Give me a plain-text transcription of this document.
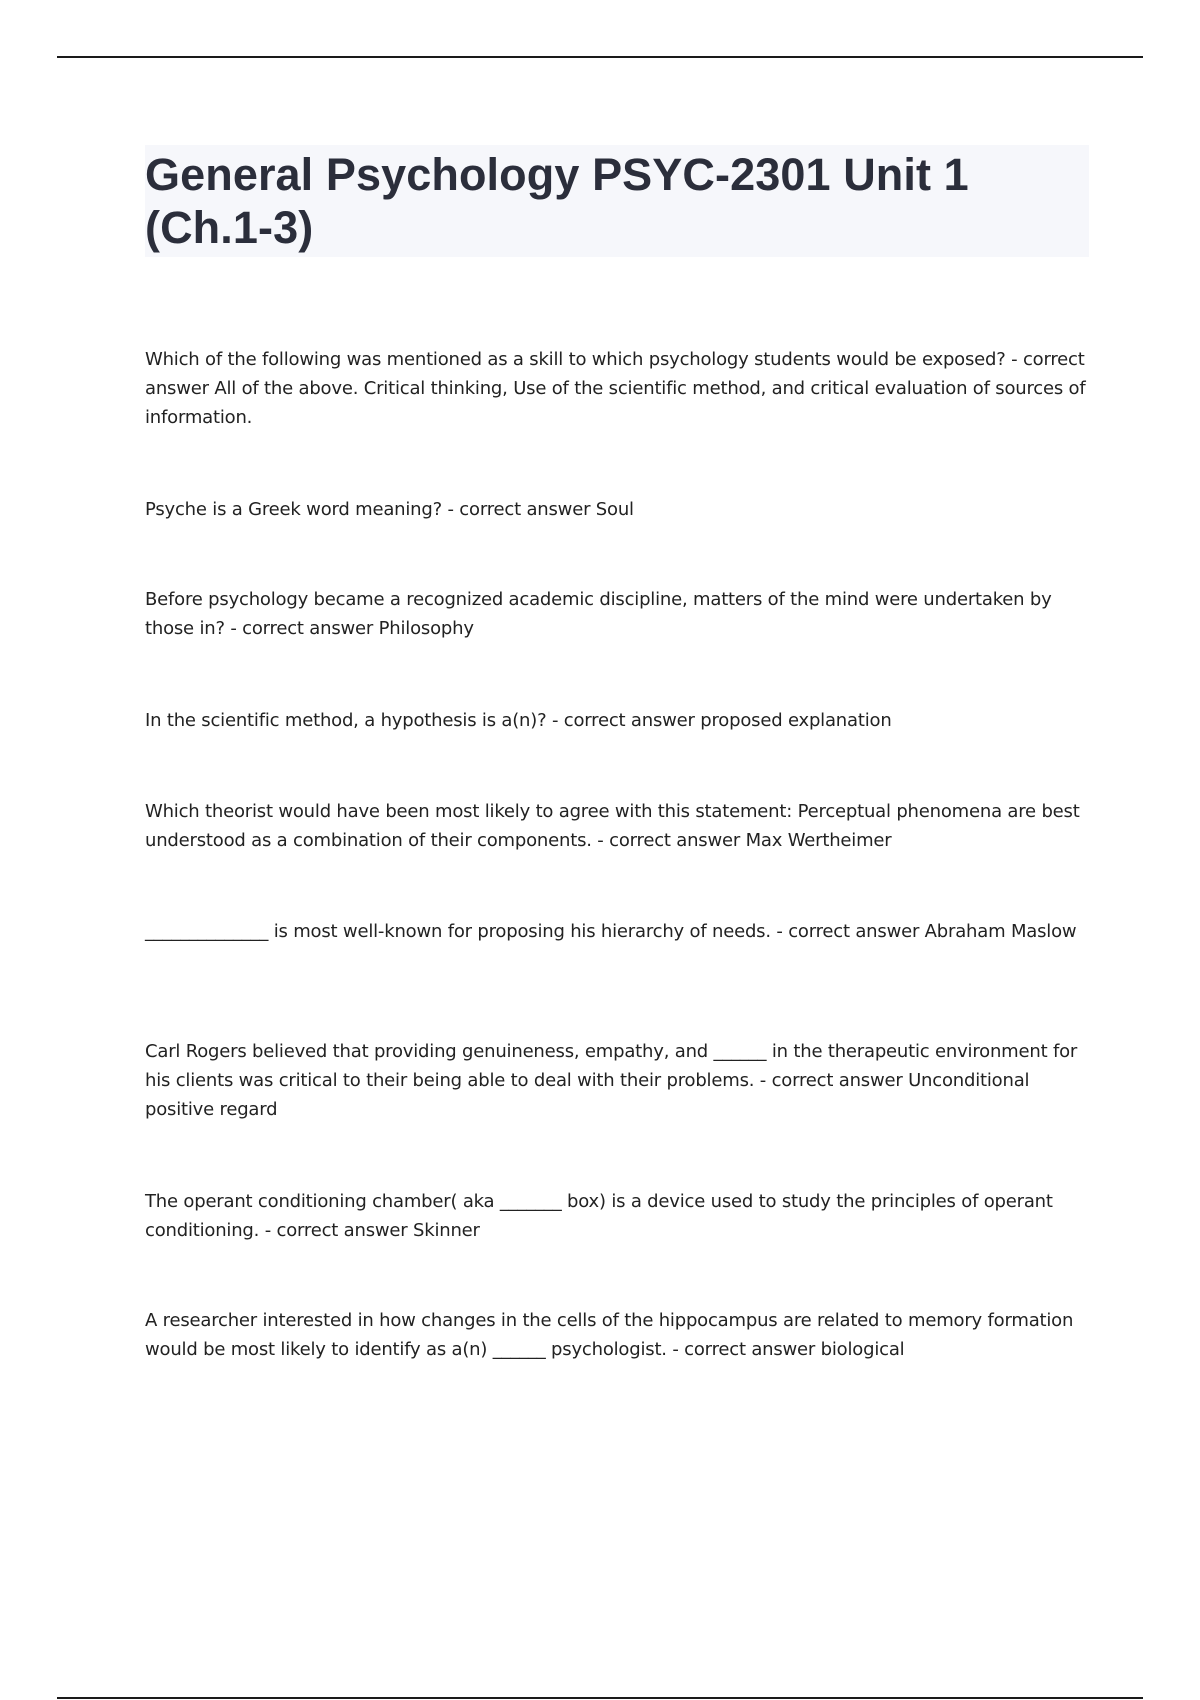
General Psychology PSYC-2301 Unit 1 (Ch.1-3)
Which of the following was mentioned as a skill to which psychology students would be exposed? - correct answer All of the above. Critical thinking, Use of the scientific method, and critical evaluation of sources of information.
Psyche is a Greek word meaning? - correct answer Soul
Before psychology became a recognized academic discipline, matters of the mind were undertaken by those in? - correct answer Philosophy
In the scientific method, a hypothesis is a(n)? - correct answer proposed explanation
Which theorist would have been most likely to agree with this statement: Perceptual phenomena are best understood as a combination of their components. - correct answer Max Wertheimer
______________ is most well-known for proposing his hierarchy of needs. - correct answer Abraham Maslow
Carl Rogers believed that providing genuineness, empathy, and ______ in the therapeutic environment for his clients was critical to their being able to deal with their problems. - correct answer Unconditional positive regard
The operant conditioning chamber( aka _______ box) is a device used to study the principles of operant conditioning. - correct answer Skinner
A researcher interested in how changes in the cells of the hippocampus are related to memory formation would be most likely to identify as a(n) ______ psychologist. - correct answer biological
